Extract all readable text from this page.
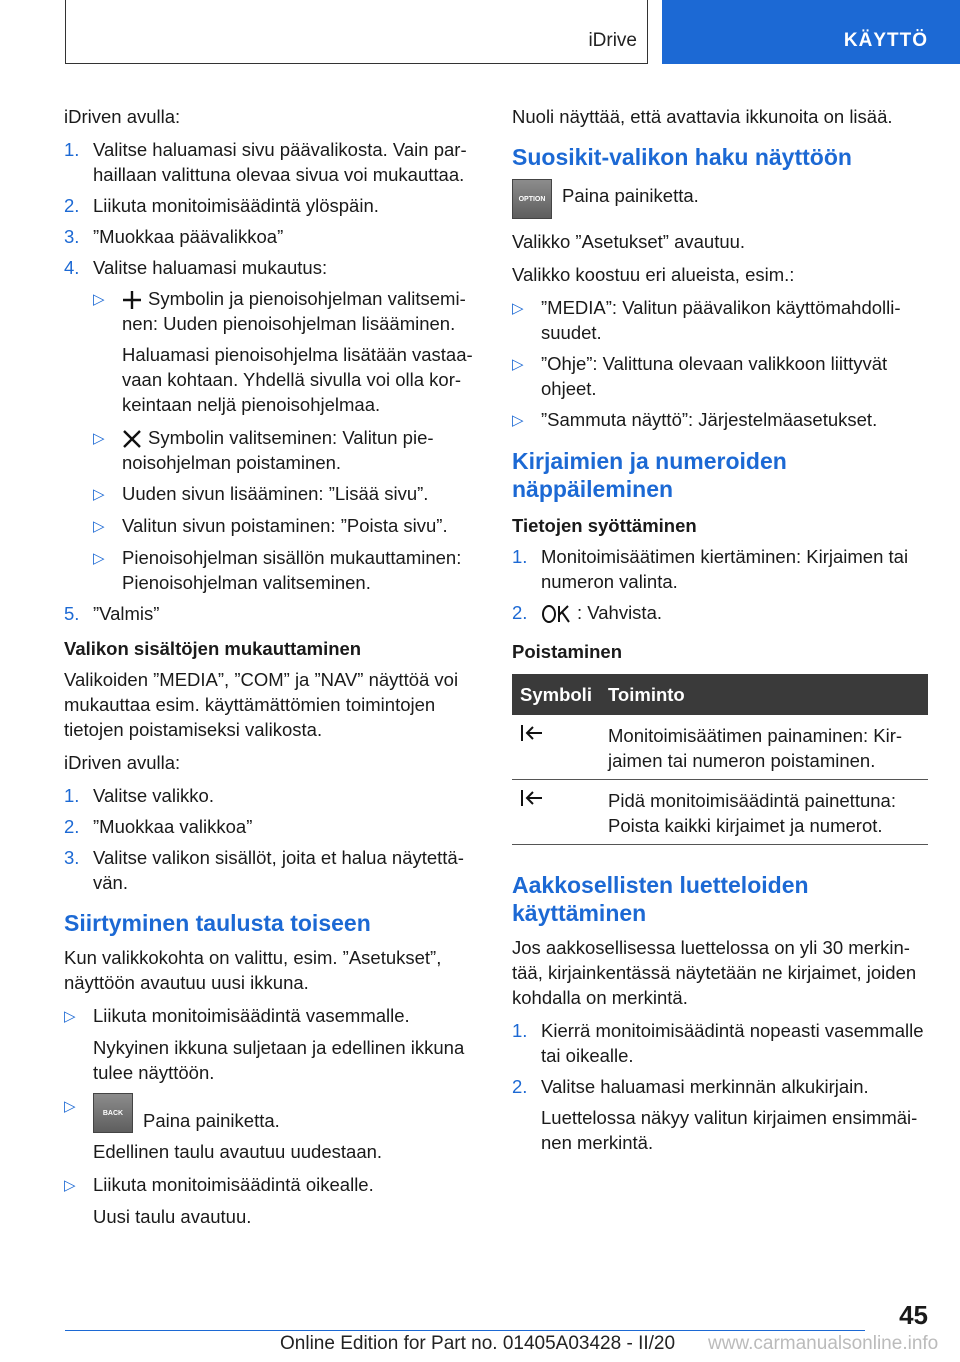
iDrive	KÄYTTÖ

iDriven avulla:

1. Valitse haluamasi sivu päävalikosta. Vain parhaillaan valittuna olevaa sivua voi mukauttaa.
2. Liikuta monitoimisäädintä ylöspäin.
3. ”Muokkaa päävalikkoa”
4. Valitse haluamasi mukautus:
▷	Symbolin ja pienoisohjelman valitseminen: Uuden pienoisohjelman lisääminen.

Haluamasi pienoisohjelma lisätään vastaavaan kohtaan. Yhdellä sivulla voi olla korkeintaan neljä pienoisohjelmaa.

▷	Symbolin valitseminen: Valitun pienoisohjelman poistaminen.
▷ Uuden sivun lisääminen: ”Lisää sivu”.
▷ Valitun sivun poistaminen: ”Poista sivu”.
▷ Pienoisohjelman sisällön mukauttaminen: Pienoisohjelman valitseminen.
5. ”Valmis”
Valikon sisältöjen mukauttaminen

Valikoiden ”MEDIA”, ”COM” ja ”NAV” näyttöä voi mukauttaa esim. käyttämättömien toimintojen tietojen poistamiseksi valikosta.

iDriven avulla:

1. Valitse valikko.
2. ”Muokkaa valikkoa”
3. Valitse valikon sisällöt, joita et halua näytettävän.
Siirtyminen taulusta toiseen

Kun valikkokohta on valittu, esim. ”Asetukset”, näyttöön avautuu uusi ikkuna.

▷ Liikuta monitoimisäädintä vasemmalle.

Nykyinen ikkuna suljetaan ja edellinen ikkuna tulee näyttöön.

▷	BACK	Paina painiketta.

Edellinen taulu avautuu uudestaan.

▷ Liikuta monitoimisäädintä oikealle.

Uusi taulu avautuu.

Nuoli näyttää, että avattavia ikkunoita on lisää.

Suosikit-valikon haku näyttöön
OPTION Paina painiketta.

Valikko ”Asetukset” avautuu.

Valikko koostuu eri alueista, esim.:

▷ ”MEDIA”: Valitun päävalikon käyttömahdollisuudet.
▷ ”Ohje”: Valittuna olevaan valikkoon liittyvät ohjeet.
▷ ”Sammuta näyttö”: Järjestelmäasetukset.
Kirjaimien ja numeroiden näppäileminen
Tietojen syöttäminen
1. Monitoimisäätimen kiertäminen: Kirjaimen tai numeron valinta.
2.	: Vahvista.
Poistaminen
Symboli	Toiminto
	Monitoimisäätimen painaminen: Kirjaimen tai numeron poistaminen.
	Pidä monitoimisäädintä painettuna: Poista kaikki kirjaimet ja numerot.
Aakkosellisten luetteloiden käyttäminen

Jos aakkosellisessa luettelossa on yli 30 merkintää, kirjainkentässä näytetään ne kirjaimet, joiden kohdalla on merkintä.

1. Kierrä monitoimisäädintä nopeasti vasemmalle tai oikealle.
2. Valitse haluamasi merkinnän alkukirjain.

Luettelossa näkyy valitun kirjaimen ensimmäinen merkintä.

45
Online Edition for Part no. 01405A03428 - II/20 www.carmanualsonline.info
